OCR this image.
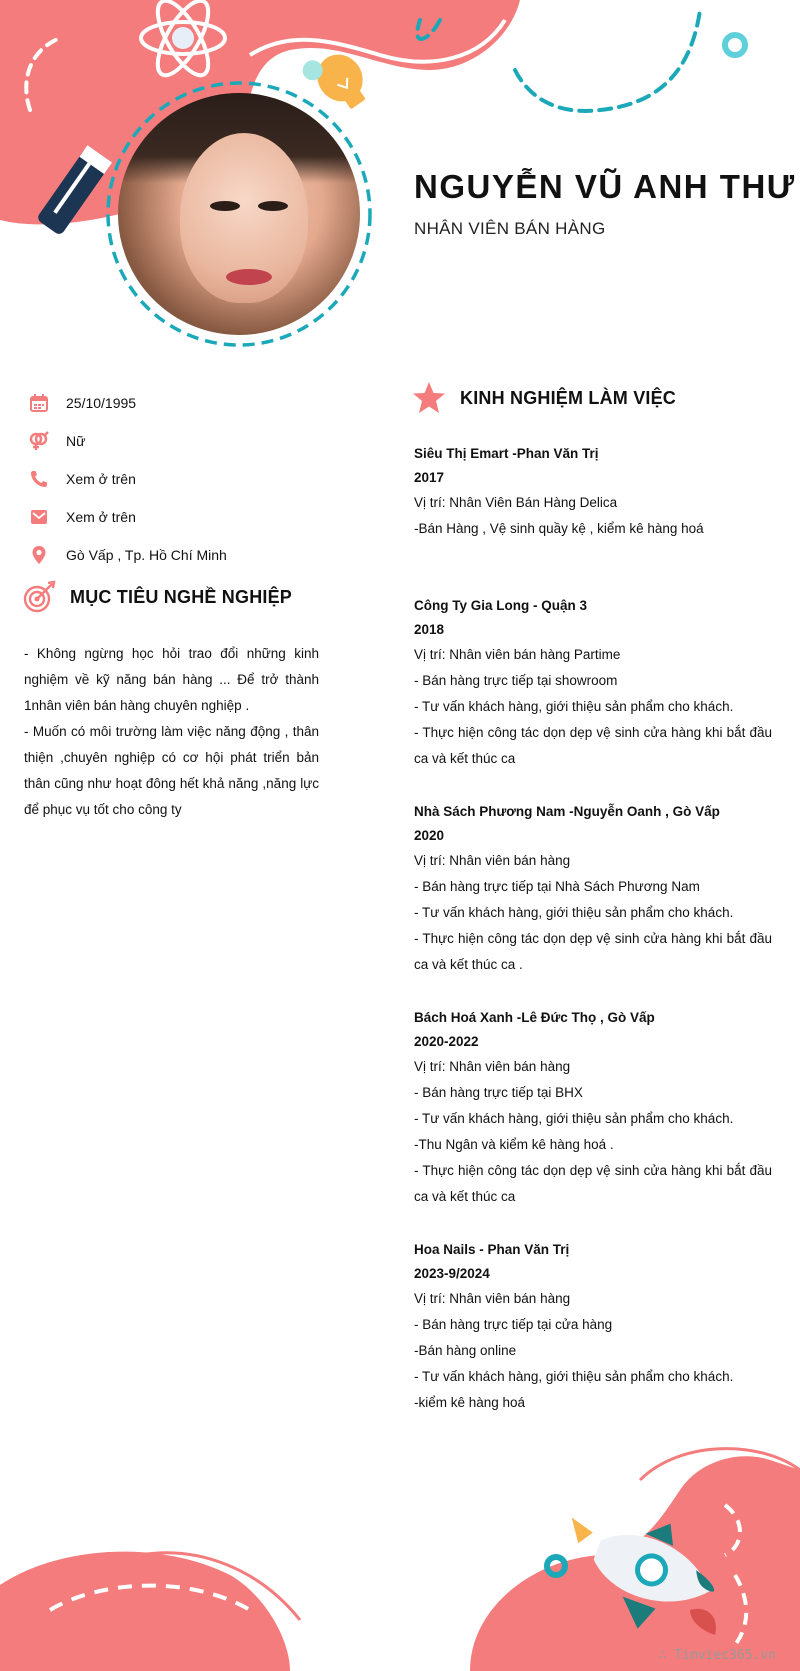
NGUYỄN VŨ ANH THƯ
NHÂN VIÊN BÁN HÀNG
25/10/1995
Nữ
Xem ở trên
Xem ở trên
Gò Vấp , Tp. Hồ Chí Minh
MỤC TIÊU NGHỀ NGHIỆP

- Không ngừng học hỏi trao đổi những kinh nghiệm về kỹ năng bán hàng ... Để trở thành 1nhân viên bán hàng chuyên nghiệp .

- Muốn có môi trường làm việc năng động , thân thiện ,chuyên nghiệp có cơ hội phát triển bản thân cũng như hoạt đông hết khả năng ,năng lực để phục vụ tốt cho công ty

KINH NGHIỆM LÀM VIỆC
Siêu Thị Emart -Phan Văn Trị
2017
Vị trí: Nhân Viên Bán Hàng Delica
-Bán Hàng , Vệ sinh quầy kệ , kiểm kê hàng hoá
Công Ty Gia Long - Quận 3
2018
Vị trí: Nhân viên bán hàng Partime
- Bán hàng trực tiếp tại showroom
- Tư vấn khách hàng, giới thiệu sản phẩm cho khách.
- Thực hiện công tác dọn dẹp vệ sinh cửa hàng khi bắt đầu ca và kết thúc ca
Nhà Sách Phương Nam -Nguyễn Oanh , Gò Vấp
2020
Vị trí: Nhân viên bán hàng
- Bán hàng trực tiếp tại Nhà Sách Phương Nam
- Tư vấn khách hàng, giới thiệu sản phẩm cho khách.
- Thực hiện công tác dọn dẹp vệ sinh cửa hàng khi bắt đầu ca và kết thúc ca .
Bách Hoá Xanh -Lê Đức Thọ , Gò Vấp
2020-2022
Vị trí: Nhân viên bán hàng
- Bán hàng trực tiếp tại BHX
- Tư vấn khách hàng, giới thiệu sản phẩm cho khách.
-Thu Ngân và kiểm kê hàng hoá .
- Thực hiện công tác dọn dẹp vệ sinh cửa hàng khi bắt đầu ca và kết thúc ca
Hoa Nails - Phan Văn Trị
2023-9/2024
Vị trí: Nhân viên bán hàng
- Bán hàng trực tiếp tại cửa hàng
-Bán hàng online
- Tư vấn khách hàng, giới thiệu sản phẩm cho khách.
-kiểm kê hàng hoá
∴ Timviec365.vn
